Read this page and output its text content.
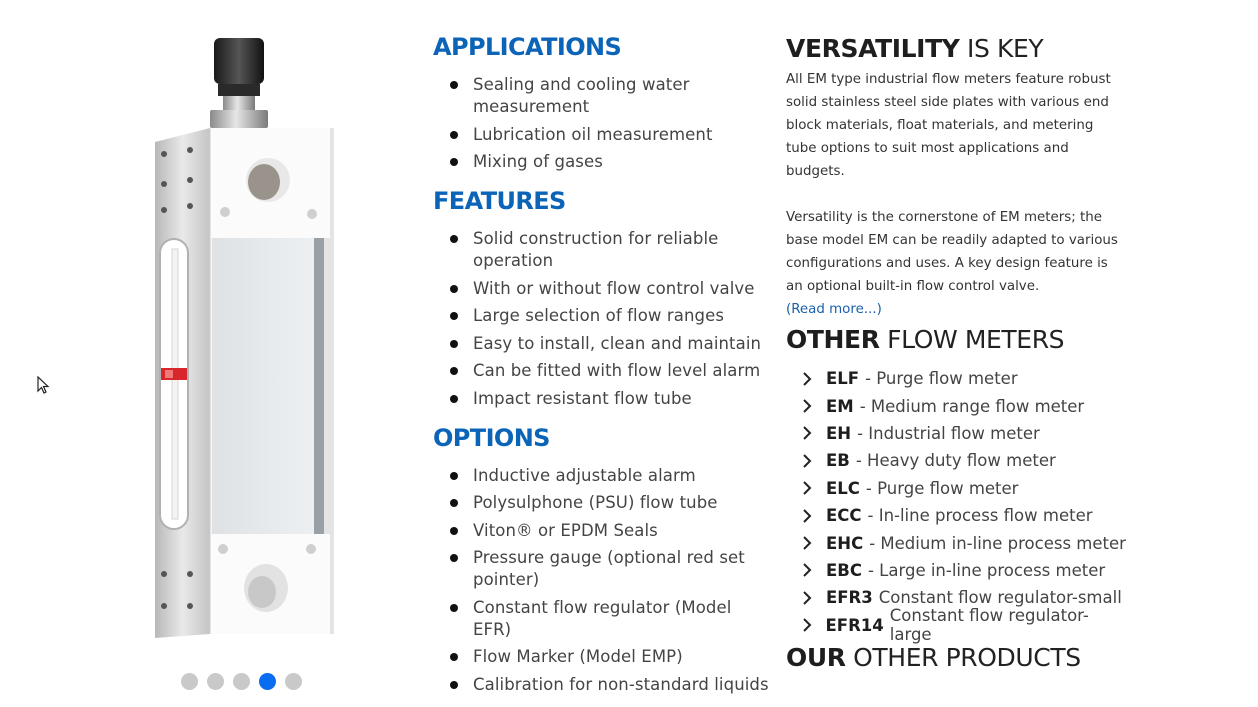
APPLICATIONS
Sealing and cooling water measurement
Lubrication oil measurement
Mixing of gases
FEATURES
Solid construction for reliable operation
With or without flow control valve
Large selection of flow ranges
Easy to install, clean and maintain
Can be fitted with flow level alarm
Impact resistant flow tube
OPTIONS
Inductive adjustable alarm
Polysulphone (PSU) flow tube
Viton® or EPDM Seals
Pressure gauge (optional red set pointer)
Constant flow regulator (Model EFR)
Flow Marker (Model EMP)
Calibration for non-standard liquids
VERSATILITY IS KEY

All EM type industrial flow meters feature robust solid stainless steel side plates with various end block materials, float materials, and metering tube options to suit most applications and budgets.

Versatility is the cornerstone of EM meters; the base model EM can be readily adapted to various configurations and uses. A key design feature is an optional built-in flow control valve.

(Read more...)
OTHER FLOW METERS
ELF - Purge flow meter
EM - Medium range flow meter
EH - Industrial flow meter
EB - Heavy duty flow meter
ELC - Purge flow meter
ECC - In-line process flow meter
EHC - Medium in-line process meter
EBC - Large in-line process meter
EFR3 Constant flow regulator-small
EFR14 Constant flow regulator-large
OUR OTHER PRODUCTS
